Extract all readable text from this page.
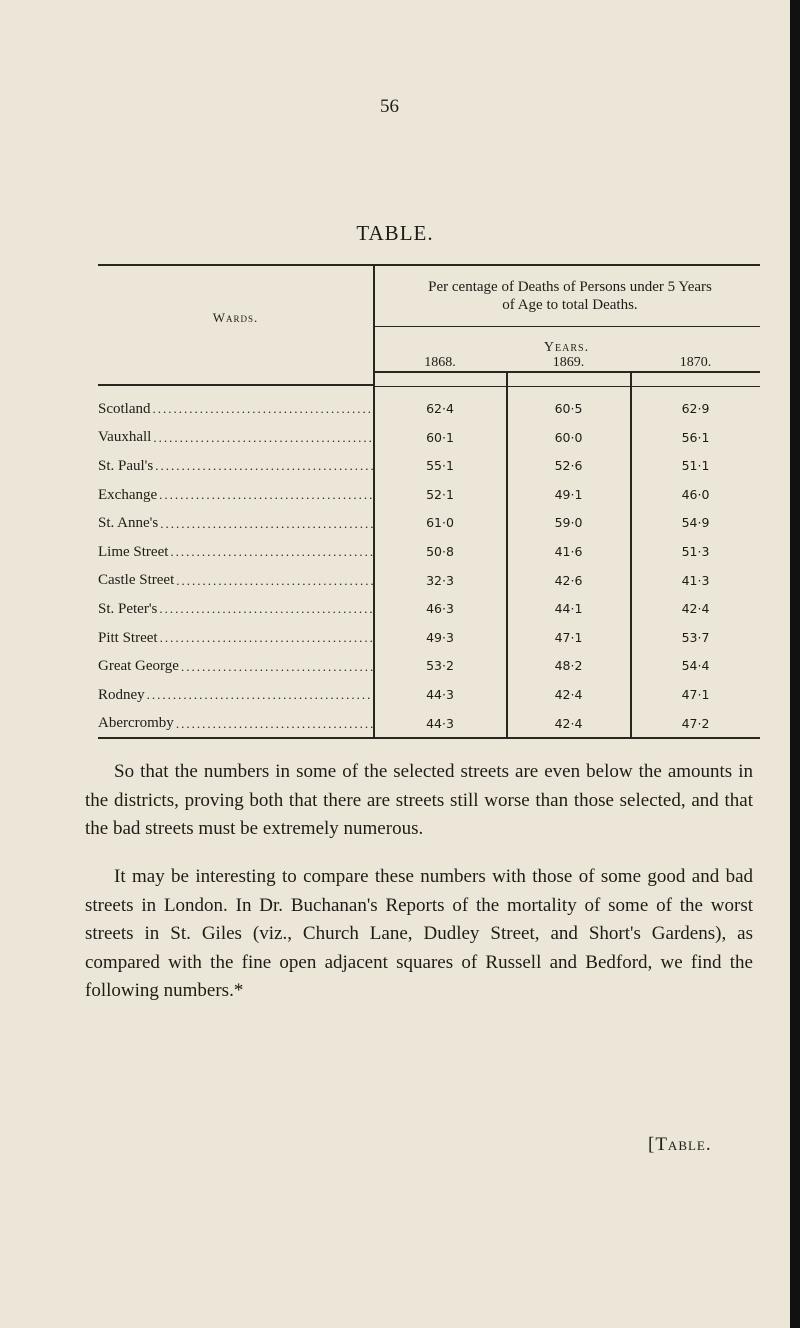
56

TABLE.
Wards.
Per centage of Deaths of Persons under 5 Years
of Age to total Deaths.
Years.
1868.	1869.	1870.
Scotland .....	62·4	60·5	62·9
Vauxhall .....	60·1	60·0	56·1
St. Paul's .....	55·1	52·6	51·1
Exchange .....	52·1	49·1	46·0
St. Anne's .....	61·0	59·0	54·9
Lime Street .....	50·8	41·6	51·3
Castle Street .....	32·3	42·6	41·3
St. Peter's .....	46·3	44·1	42·4
Pitt Street .....	49·3	47·1	53·7
Great George .....	53·2	48·2	54·4
Rodney .....	44·3	42·4	47·1
Abercromby .....	44·3	42·4	47·2

So that the numbers in some of the selected streets are even below the amounts in the districts, proving both that there are streets still worse than those selected, and that the bad streets must be extremely numerous.

It may be interesting to compare these numbers with those of some good and bad streets in London. In Dr. Buchanan's Reports of the mortality of some of the worst streets in St. Giles (viz., Church Lane, Dudley Street, and Short's Gardens), as compared with the fine open adjacent squares of Russell and Bedford, we find the following numbers.*

[Table.
